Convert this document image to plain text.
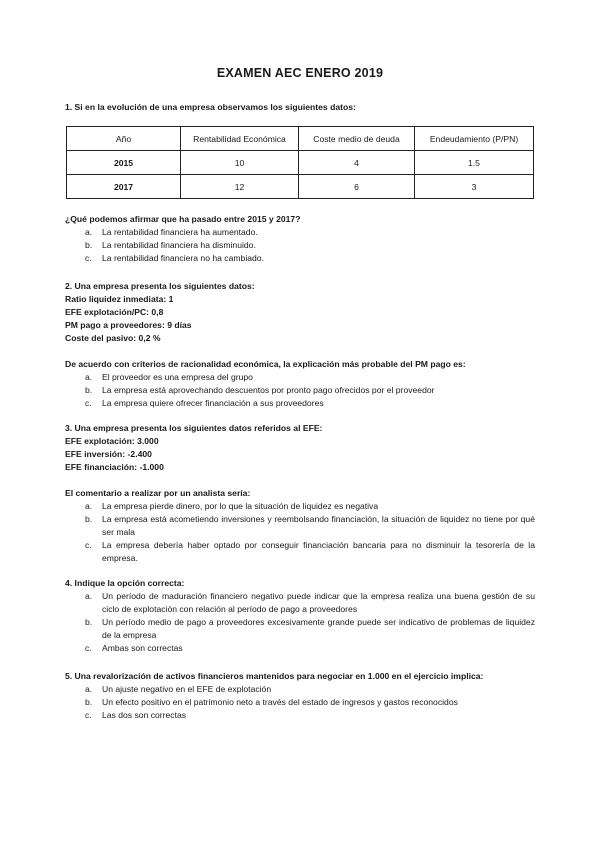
EXAMEN AEC ENERO 2019

1. Si en la evolución de una empresa observamos los siguientes datos:

Año	Rentabilidad Económica	Coste medio de deuda	Endeudamiento (P/PN)
2015	10	4	1.5
2017	12	6	3

¿Qué podemos afirmar que ha pasado entre 2015 y 2017?

a.	La rentabilidad financiera ha aumentado.
b.	La rentabilidad financiera ha disminuido.
c.	La rentabilidad financiera no ha cambiado.

2. Una empresa presenta los siguientes datos:

Ratio liquidez inmediata: 1

EFE explotación/PC: 0,8

PM pago a proveedores: 9 días

Coste del pasivo: 0,2 %

De acuerdo con criterios de racionalidad económica, la explicación más probable del PM pago es:

a.	El proveedor es una empresa del grupo
b.	La empresa está aprovechando descuentos por pronto pago ofrecidos por el proveedor
c.	La empresa quiere ofrecer financiación a sus proveedores

3. Una empresa presenta los siguientes datos referidos al EFE:

EFE explotación: 3.000

EFE inversión: -2.400

EFE financiación: -1.000

El comentario a realizar por un analista sería:

a.	La empresa pierde dinero, por lo que la situación de liquidez es negativa
b.	La empresa está acometiendo inversiones y reembolsando financiación, la situación de liquidez no tiene por qué ser mala
c.	La empresa debería haber optado por conseguir financiación bancaria para no disminuir la tesorería de la empresa.

4. Indique la opción correcta:

a.	Un período de maduración financiero negativo puede indicar que la empresa realiza una buena gestión de su ciclo de explotación con relación al período de pago a proveedores
b.	Un período medio de pago a proveedores excesivamente grande puede ser indicativo de problemas de liquidez de la empresa
c.	Ambas son correctas

5. Una revalorización de activos financieros mantenidos para negociar en 1.000 en el ejercicio implica:

a.	Un ajuste negativo en el EFE de explotación
b.	Un efecto positivo en el patrimonio neto a través del estado de ingresos y gastos reconocidos
c.	Las dos son correctas
